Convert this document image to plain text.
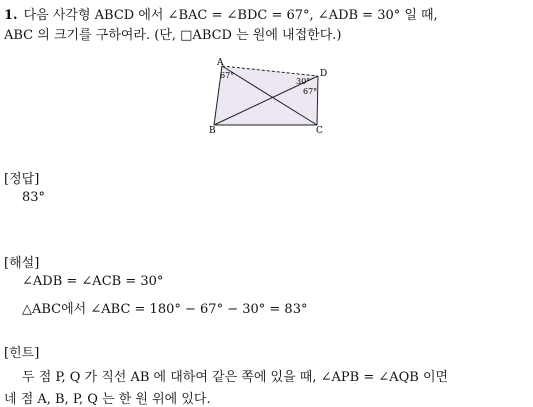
1. 다음 사각형 ABCD 에서 ∠BAC = ∠BDC = 67°, ∠ADB = 30° 일 때,
ABC 의 크기를 구하여라. (단, □ABCD 는 원에 내접한다.)
A
D
B	C
67°
30°
67°
[정답]
83°
[해설]
∠ADB = ∠ACB = 30°
△ABC에서 ∠ABC = 180° − 67° − 30° = 83°
[힌트]
두 점 P, Q 가 직선 AB 에 대하여 같은 쪽에 있을 때, ∠APB = ∠AQB 이면
네 점 A, B, P, Q 는 한 원 위에 있다.
